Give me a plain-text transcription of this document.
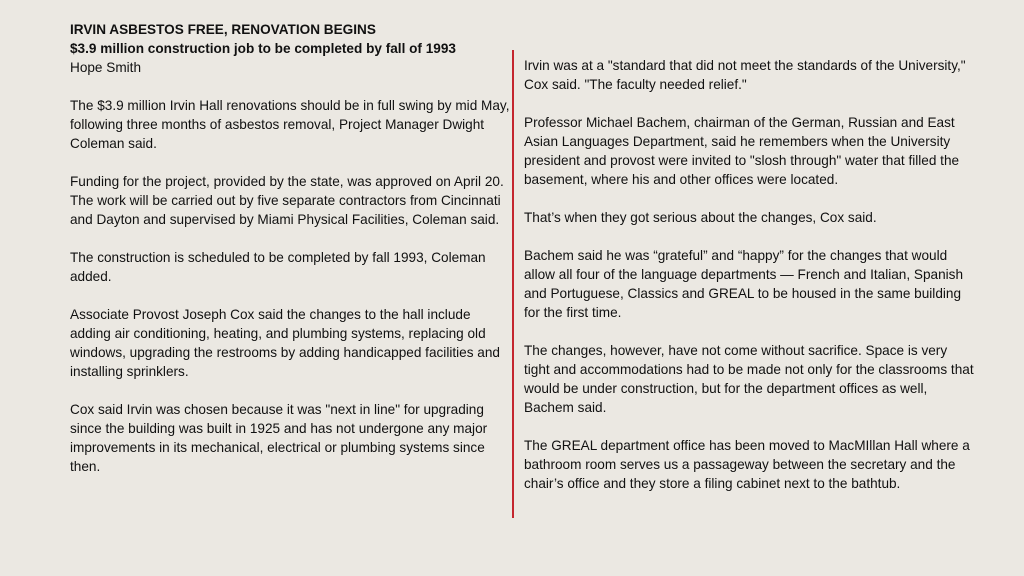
IRVIN ASBESTOS FREE, RENOVATION BEGINS

$3.9 million construction job to be completed by fall of 1993

Hope Smith

The $3.9 million Irvin Hall renovations should be in full swing by mid May, following three months of asbestos removal, Project Manager Dwight Coleman said.

Funding for the project, provided by the state, was approved on April 20. The work will be carried out by five separate contractors from Cincinnati and Dayton and supervised by Miami Physical Facilities, Coleman said.

The construction is scheduled to be completed by fall 1993, Coleman added.

Associate Provost Joseph Cox said the changes to the hall include adding air conditioning, heating, and plumbing systems, replacing old windows, upgrading the restrooms by adding handicapped facilities and installing sprinklers.

Cox said Irvin was chosen because it was "next in line" for upgrading since the building was built in 1925 and has not undergone any major improvements in its mechanical, electrical or plumbing systems since then.

Irvin was at a "standard that did not meet the standards of the University," Cox said. "The faculty needed relief."

Professor Michael Bachem, chairman of the German, Russian and East Asian Languages Department, said he remembers when the University president and provost were invited to "slosh through" water that filled the basement, where his and other offices were located.

That’s when they got serious about the changes, Cox said.

Bachem said he was “grateful” and “happy” for the changes that would allow all four of the language departments — French and Italian, Spanish and Portuguese, Classics and GREAL to be housed in the same building for the first time.

The changes, however, have not come without sacrifice. Space is very tight and accommodations had to be made not only for the classrooms that would be under construction, but for the department offices as well, Bachem said.

The GREAL department office has been moved to MacMIllan Hall where a bathroom room serves us a passageway between the secretary and the chair’s office and they store a filing cabinet next to the bathtub.
